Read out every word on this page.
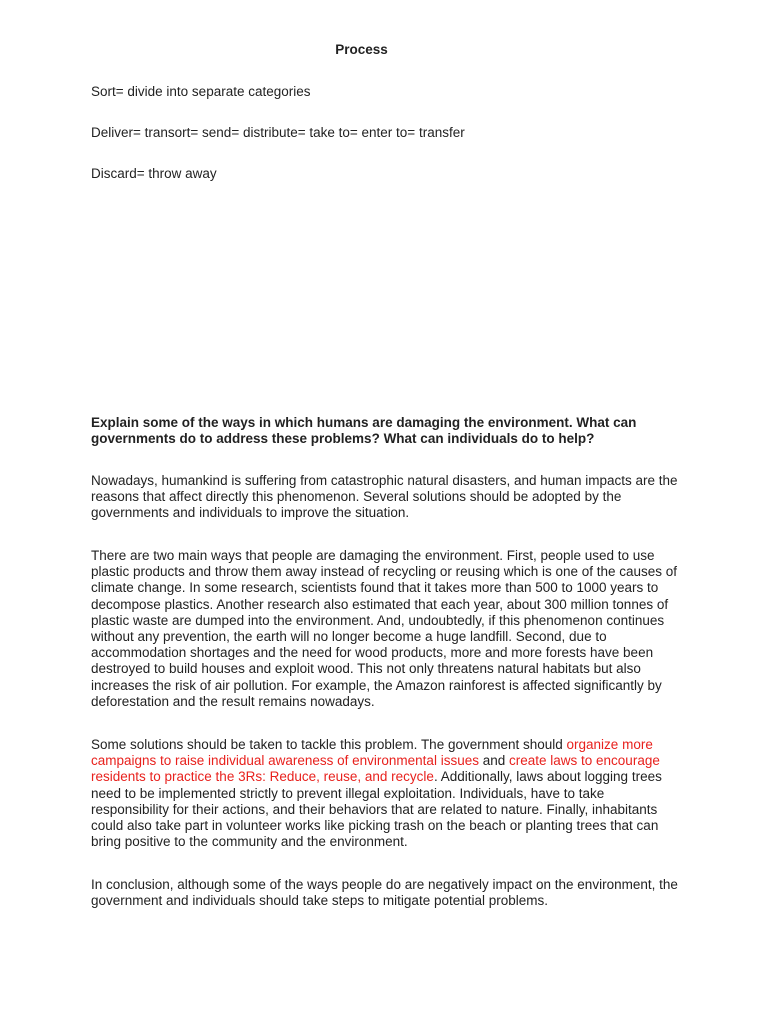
Process
Sort= divide into separate categories
Deliver= transort= send= distribute= take to= enter to= transfer
Discard= throw away
Explain some of the ways in which humans are damaging the environment. What can governments do to address these problems? What can individuals do to help?
Nowadays, humankind is suffering from catastrophic natural disasters, and human impacts are the reasons that affect directly this phenomenon. Several solutions should be adopted by the governments and individuals to improve the situation.
There are two main ways that people are damaging the environment. First, people used to use plastic products and throw them away instead of recycling or reusing which is one of the causes of climate change. In some research, scientists found that it takes more than 500 to 1000 years to decompose plastics. Another research also estimated that each year, about 300 million tonnes of plastic waste are dumped into the environment. And, undoubtedly, if this phenomenon continues without any prevention, the earth will no longer become a huge landfill. Second, due to accommodation shortages and the need for wood products, more and more forests have been destroyed to build houses and exploit wood. This not only threatens natural habitats but also increases the risk of air pollution. For example, the Amazon rainforest is affected significantly by deforestation and the result remains nowadays.
Some solutions should be taken to tackle this problem. The government should organize more campaigns to raise individual awareness of environmental issues and create laws to encourage residents to practice the 3Rs: Reduce, reuse, and recycle. Additionally, laws about logging trees need to be implemented strictly to prevent illegal exploitation. Individuals, have to take responsibility for their actions, and their behaviors that are related to nature. Finally, inhabitants could also take part in volunteer works like picking trash on the beach or planting trees that can bring positive to the community and the environment.
In conclusion, although some of the ways people do are negatively impact on the environment, the government and individuals should take steps to mitigate potential problems.
